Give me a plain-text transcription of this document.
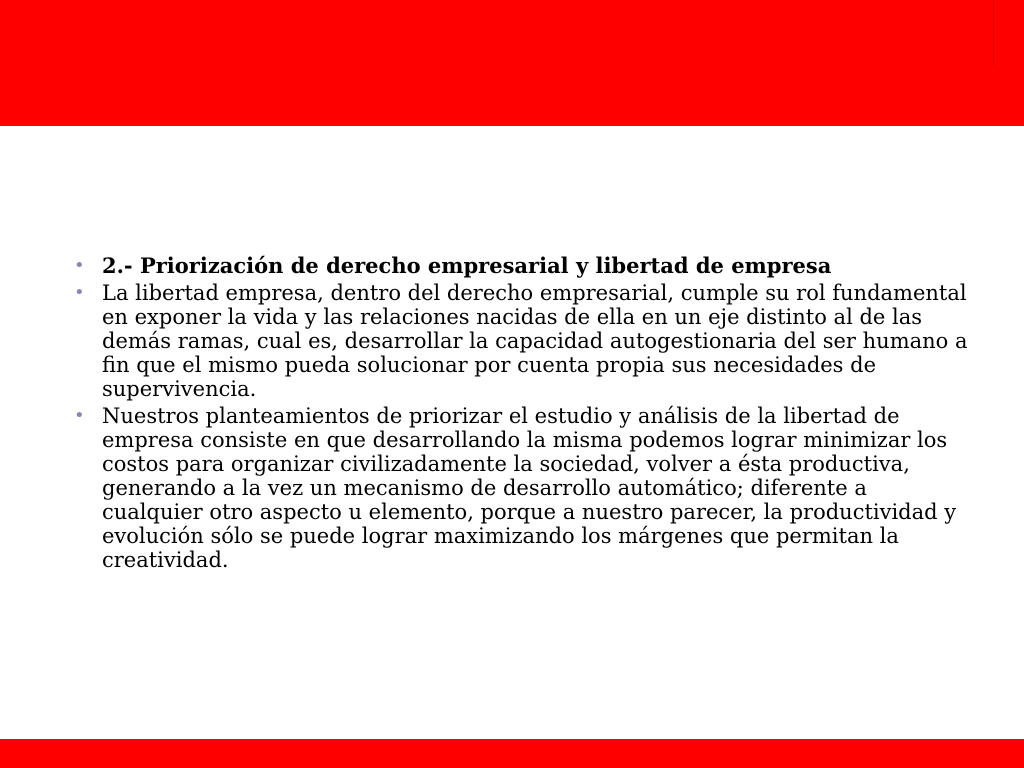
• 2.- Priorización de derecho empresarial y libertad de empresa
• La libertad empresa, dentro del derecho empresarial, cumple su rol fundamental en exponer la vida y las relaciones nacidas de ella en un eje distinto al de las demás ramas, cual es, desarrollar la capacidad autogestionaria del ser humano a fin que el mismo pueda solucionar por cuenta propia sus necesidades de supervivencia.
• Nuestros planteamientos de priorizar el estudio y análisis de la libertad de empresa consiste en que desarrollando la misma podemos lograr minimizar los costos para organizar civilizadamente la sociedad, volver a ésta productiva, generando a la vez un mecanismo de desarrollo automático; diferente a cualquier otro aspecto u elemento, porque a nuestro parecer, la productividad y evolución sólo se puede lograr maximizando los márgenes que permitan la creatividad.
